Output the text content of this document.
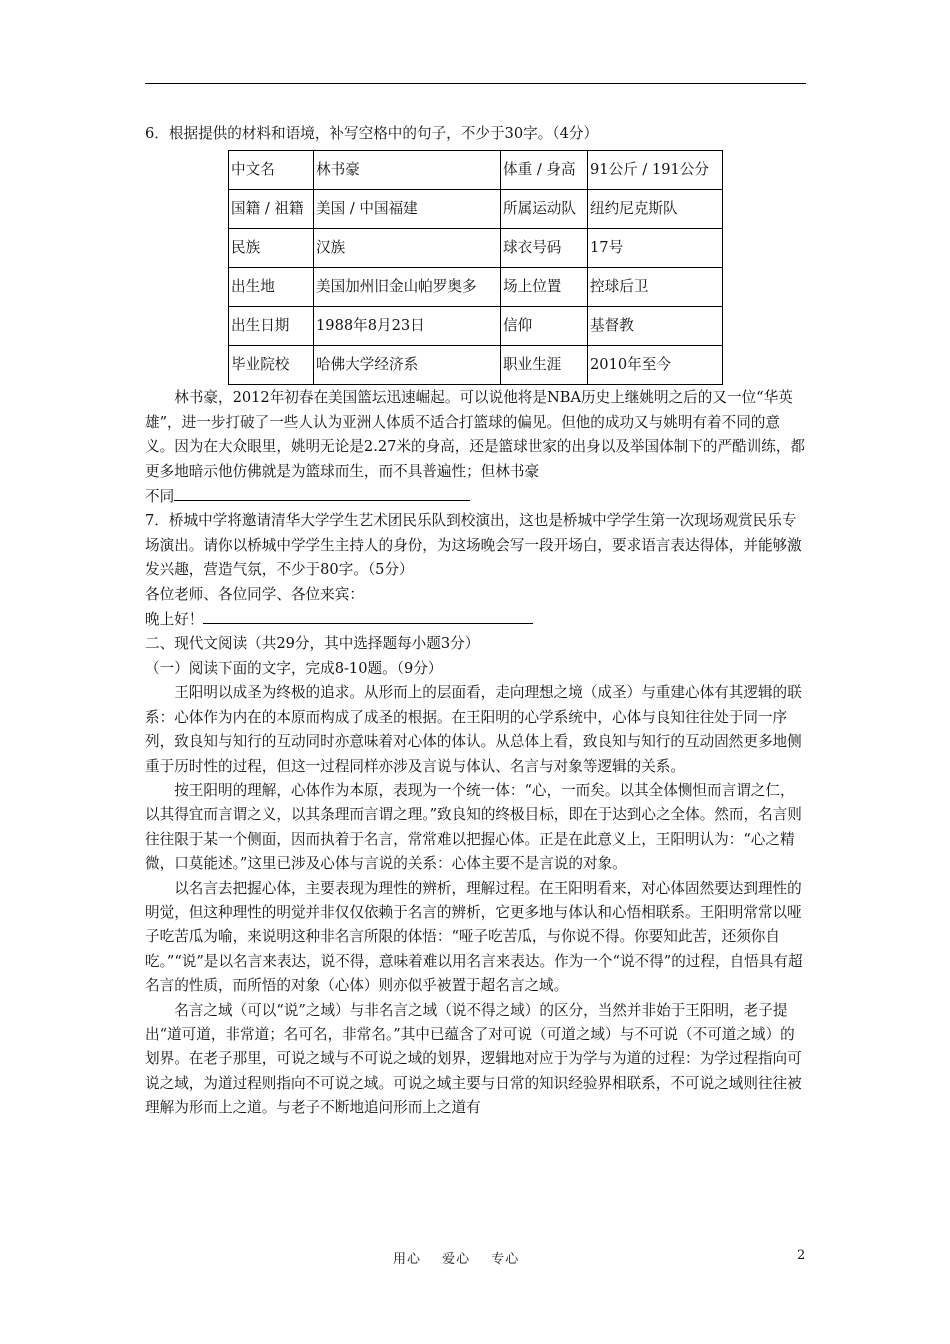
6．根据提供的材料和语境，补写空格中的句子，不少于30字。（4分）

中文名	林书豪	体重 / 身高	91公斤 / 191公分
国籍 / 祖籍	美国 / 中国福建	所属运动队	纽约尼克斯队
民族	汉族	球衣号码	17号
出生地	美国加州旧金山帕罗奥多	场上位置	控球后卫
出生日期	1988年8月23日	信仰	基督教
毕业院校	哈佛大学经济系	职业生涯	2010年至今

林书豪，2012年初春在美国篮坛迅速崛起。可以说他将是NBA历史上继姚明之后的又一位“华英雄”，进一步打破了一些人认为亚洲人体质不适合打篮球的偏见。但他的成功又与姚明有着不同的意义。因为在大众眼里，姚明无论是2.27米的身高，还是篮球世家的出身以及举国体制下的严酷训练，都更多地暗示他仿佛就是为篮球而生，而不具普遍性；但林书豪

不同

7．桥城中学将邀请清华大学学生艺术团民乐队到校演出，这也是桥城中学学生第一次现场观赏民乐专场演出。请你以桥城中学学生主持人的身份，为这场晚会写一段开场白，要求语言表达得体，并能够激发兴趣，营造气氛，不少于80字。（5分）

各位老师、各位同学、各位来宾：

晚上好！

二、现代文阅读（共29分，其中选择题每小题3分）

（一）阅读下面的文字，完成8-10题。（9分）

王阳明以成圣为终极的追求。从形而上的层面看，走向理想之境（成圣）与重建心体有其逻辑的联系：心体作为内在的本原而构成了成圣的根据。在王阳明的心学系统中，心体与良知往往处于同一序列，致良知与知行的互动同时亦意味着对心体的体认。从总体上看，致良知与知行的互动固然更多地侧重于历时性的过程，但这一过程同样亦涉及言说与体认、名言与对象等逻辑的关系。

按王阳明的理解，心体作为本原，表现为一个统一体：“心，一而矣。以其全体恻怛而言谓之仁，以其得宜而言谓之义，以其条理而言谓之理。”致良知的终极目标，即在于达到心之全体。然而，名言则往往限于某一个侧面，因而执着于名言，常常难以把握心体。正是在此意义上，王阳明认为：“心之精微，口莫能述。”这里已涉及心体与言说的关系：心体主要不是言说的对象。

以名言去把握心体，主要表现为理性的辨析，理解过程。在王阳明看来，对心体固然要达到理性的明觉，但这种理性的明觉并非仅仅依赖于名言的辨析，它更多地与体认和心悟相联系。王阳明常常以哑子吃苦瓜为喻，来说明这种非名言所限的体悟：“哑子吃苦瓜，与你说不得。你要知此苦，还须你自吃。”“说”是以名言来表达，说不得，意味着难以用名言来表达。作为一个“说不得”的过程，自悟具有超名言的性质，而所悟的对象（心体）则亦似乎被置于超名言之域。

名言之域（可以“说”之域）与非名言之域（说不得之域）的区分，当然并非始于王阳明，老子提出“道可道，非常道；名可名，非常名。”其中已蕴含了对可说（可道之域）与不可说（不可道之域）的划界。在老子那里，可说之域与不可说之域的划界，逻辑地对应于为学与为道的过程：为学过程指向可说之域，为道过程则指向不可说之域。可说之域主要与日常的知识经验界相联系，不可说之域则往往被理解为形而上之道。与老子不断地追问形而上之道有

用心 爱心 专心	2
